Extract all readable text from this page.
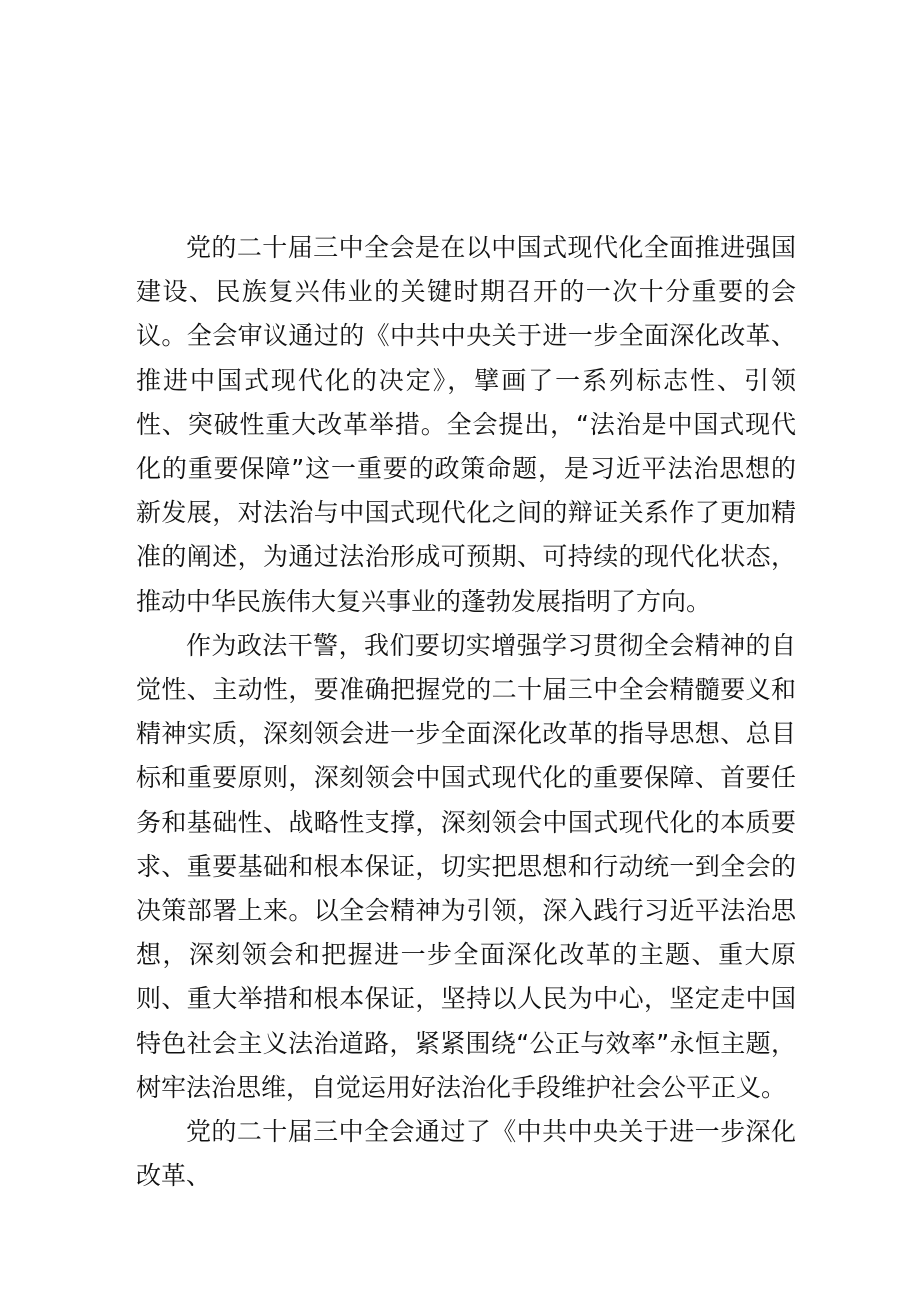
党的二十届三中全会是在以中国式现代化全面推进强国建设、民族复兴伟业的关键时期召开的一次十分重要的会议。全会审议通过的《中共中央关于进一步全面深化改革、推进中国式现代化的决定》，擘画了一系列标志性、引领性、突破性重大改革举措。全会提出，“法治是中国式现代化的重要保障”这一重要的政策命题，是习近平法治思想的新发展，对法治与中国式现代化之间的辩证关系作了更加精准的阐述，为通过法治形成可预期、可持续的现代化状态，推动中华民族伟大复兴事业的蓬勃发展指明了方向。

作为政法干警，我们要切实增强学习贯彻全会精神的自觉性、主动性，要准确把握党的二十届三中全会精髓要义和精神实质，深刻领会进一步全面深化改革的指导思想、总目标和重要原则，深刻领会中国式现代化的重要保障、首要任务和基础性、战略性支撑，深刻领会中国式现代化的本质要求、重要基础和根本保证，切实把思想和行动统一到全会的决策部署上来。以全会精神为引领，深入践行习近平法治思想，深刻领会和把握进一步全面深化改革的主题、重大原则、重大举措和根本保证，坚持以人民为中心，坚定走中国特色社会主义法治道路，紧紧围绕“公正与效率”永恒主题，树牢法治思维，自觉运用好法治化手段维护社会公平正义。

党的二十届三中全会通过了《中共中央关于进一步深化改革、
